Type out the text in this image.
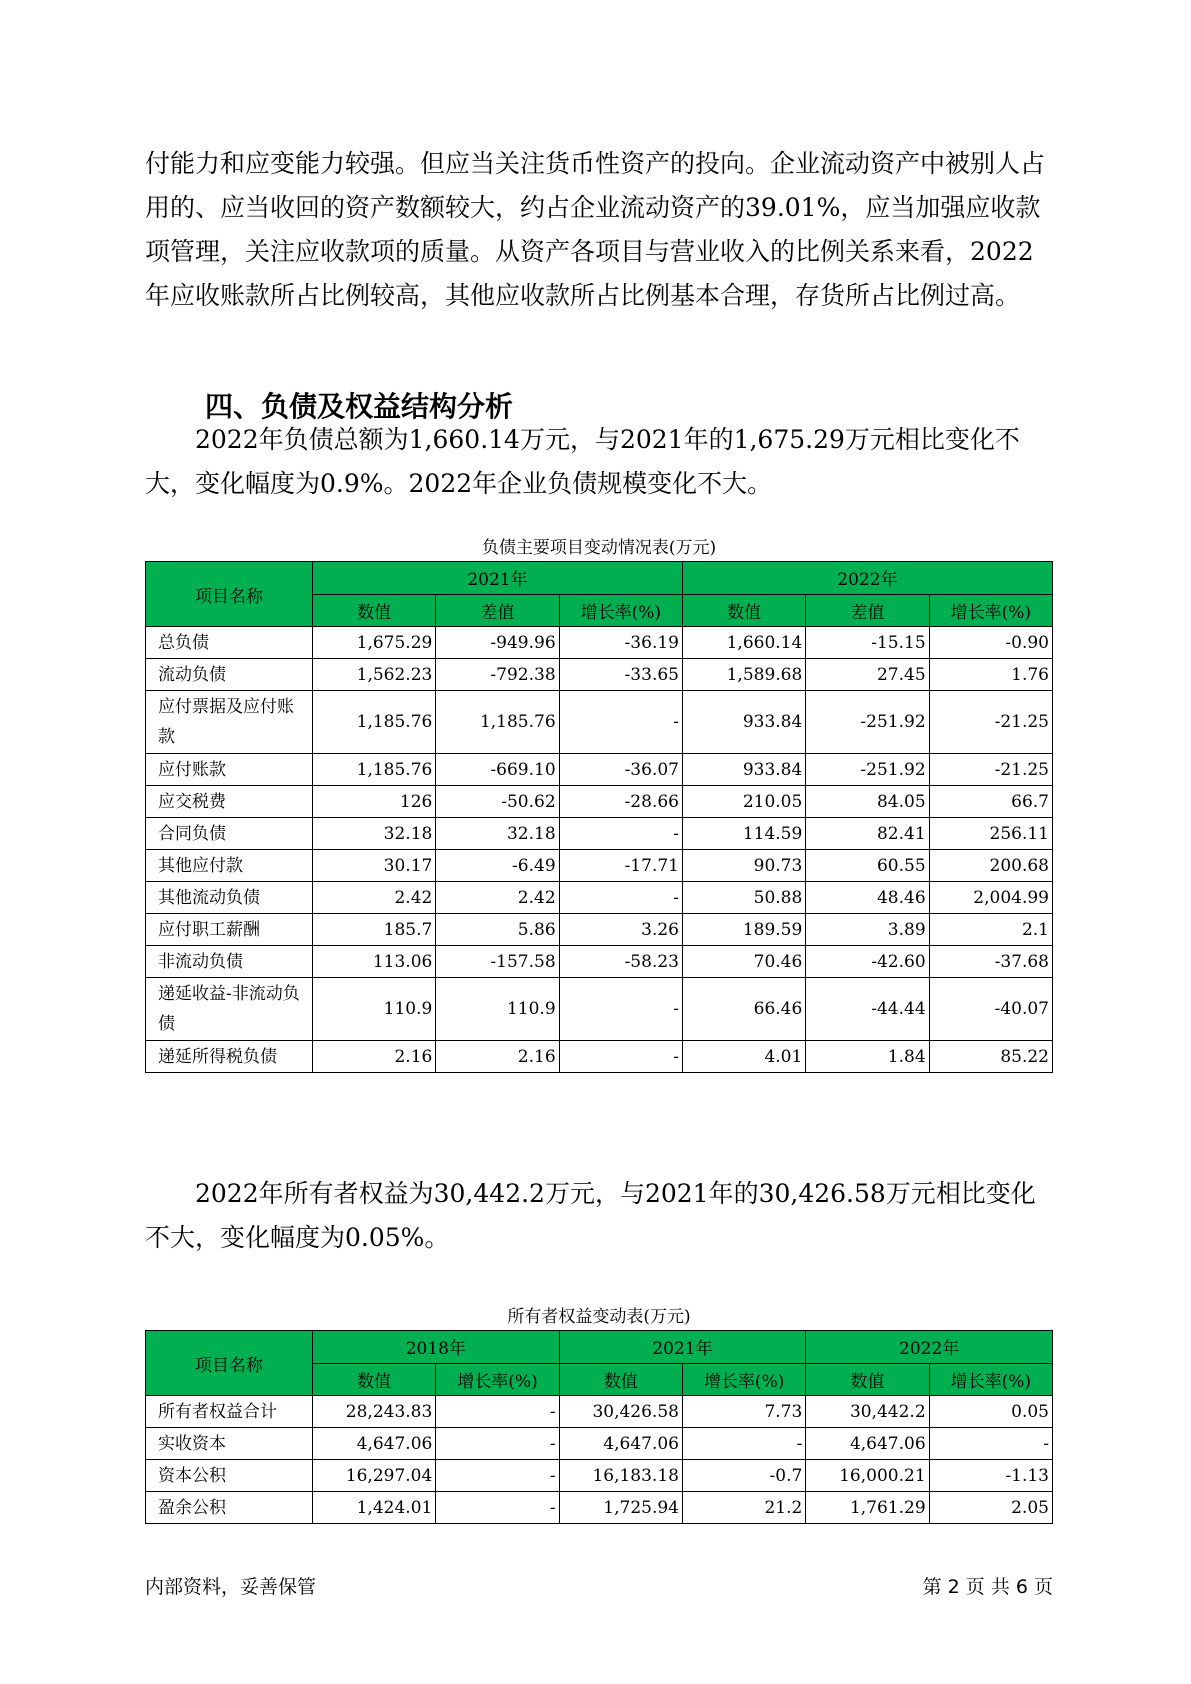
付能力和应变能力较强。但应当关注货币性资产的投向。企业流动资产中被别人占用的、应当收回的资产数额较大，约占企业流动资产的39.01%，应当加强应收款项管理，关注应收款项的质量。从资产各项目与营业收入的比例关系来看，2022年应收账款所占比例较高，其他应收款所占比例基本合理，存货所占比例过高。

四、负债及权益结构分析

2022年负债总额为1,660.14万元，与2021年的1,675.29万元相比变化不大，变化幅度为0.9%。2022年企业负债规模变化不大。

负债主要项目变动情况表(万元)
项目名称	2021年			2022年		
	数值	差值	增长率(%)	数值	差值	增长率(%)
总负债	1,675.29	-949.96	-36.19	1,660.14	-15.15	-0.90
流动负债	1,562.23	-792.38	-33.65	1,589.68	27.45	1.76
应付票据及应付账款	1,185.76	1,185.76	-	933.84	-251.92	-21.25
应付账款	1,185.76	-669.10	-36.07	933.84	-251.92	-21.25
应交税费	126	-50.62	-28.66	210.05	84.05	66.7
合同负债	32.18	32.18	-	114.59	82.41	256.11
其他应付款	30.17	-6.49	-17.71	90.73	60.55	200.68
其他流动负债	2.42	2.42	-	50.88	48.46	2,004.99
应付职工薪酬	185.7	5.86	3.26	189.59	3.89	2.1
非流动负债	113.06	-157.58	-58.23	70.46	-42.60	-37.68
递延收益-非流动负债	110.9	110.9	-	66.46	-44.44	-40.07
递延所得税负债	2.16	2.16	-	4.01	1.84	85.22

2022年所有者权益为30,442.2万元，与2021年的30,426.58万元相比变化不大，变化幅度为0.05%。

所有者权益变动表(万元)
项目名称	2018年		2021年		2022年	
	数值	增长率(%)	数值	增长率(%)	数值	增长率(%)
所有者权益合计	28,243.83	-	30,426.58	7.73	30,442.2	0.05
实收资本	4,647.06	-	4,647.06	-	4,647.06	-
资本公积	16,297.04	-	16,183.18	-0.7	16,000.21	-1.13
盈余公积	1,424.01	-	1,725.94	21.2	1,761.29	2.05
内部资料，妥善保管	第 2 页 共 6 页
